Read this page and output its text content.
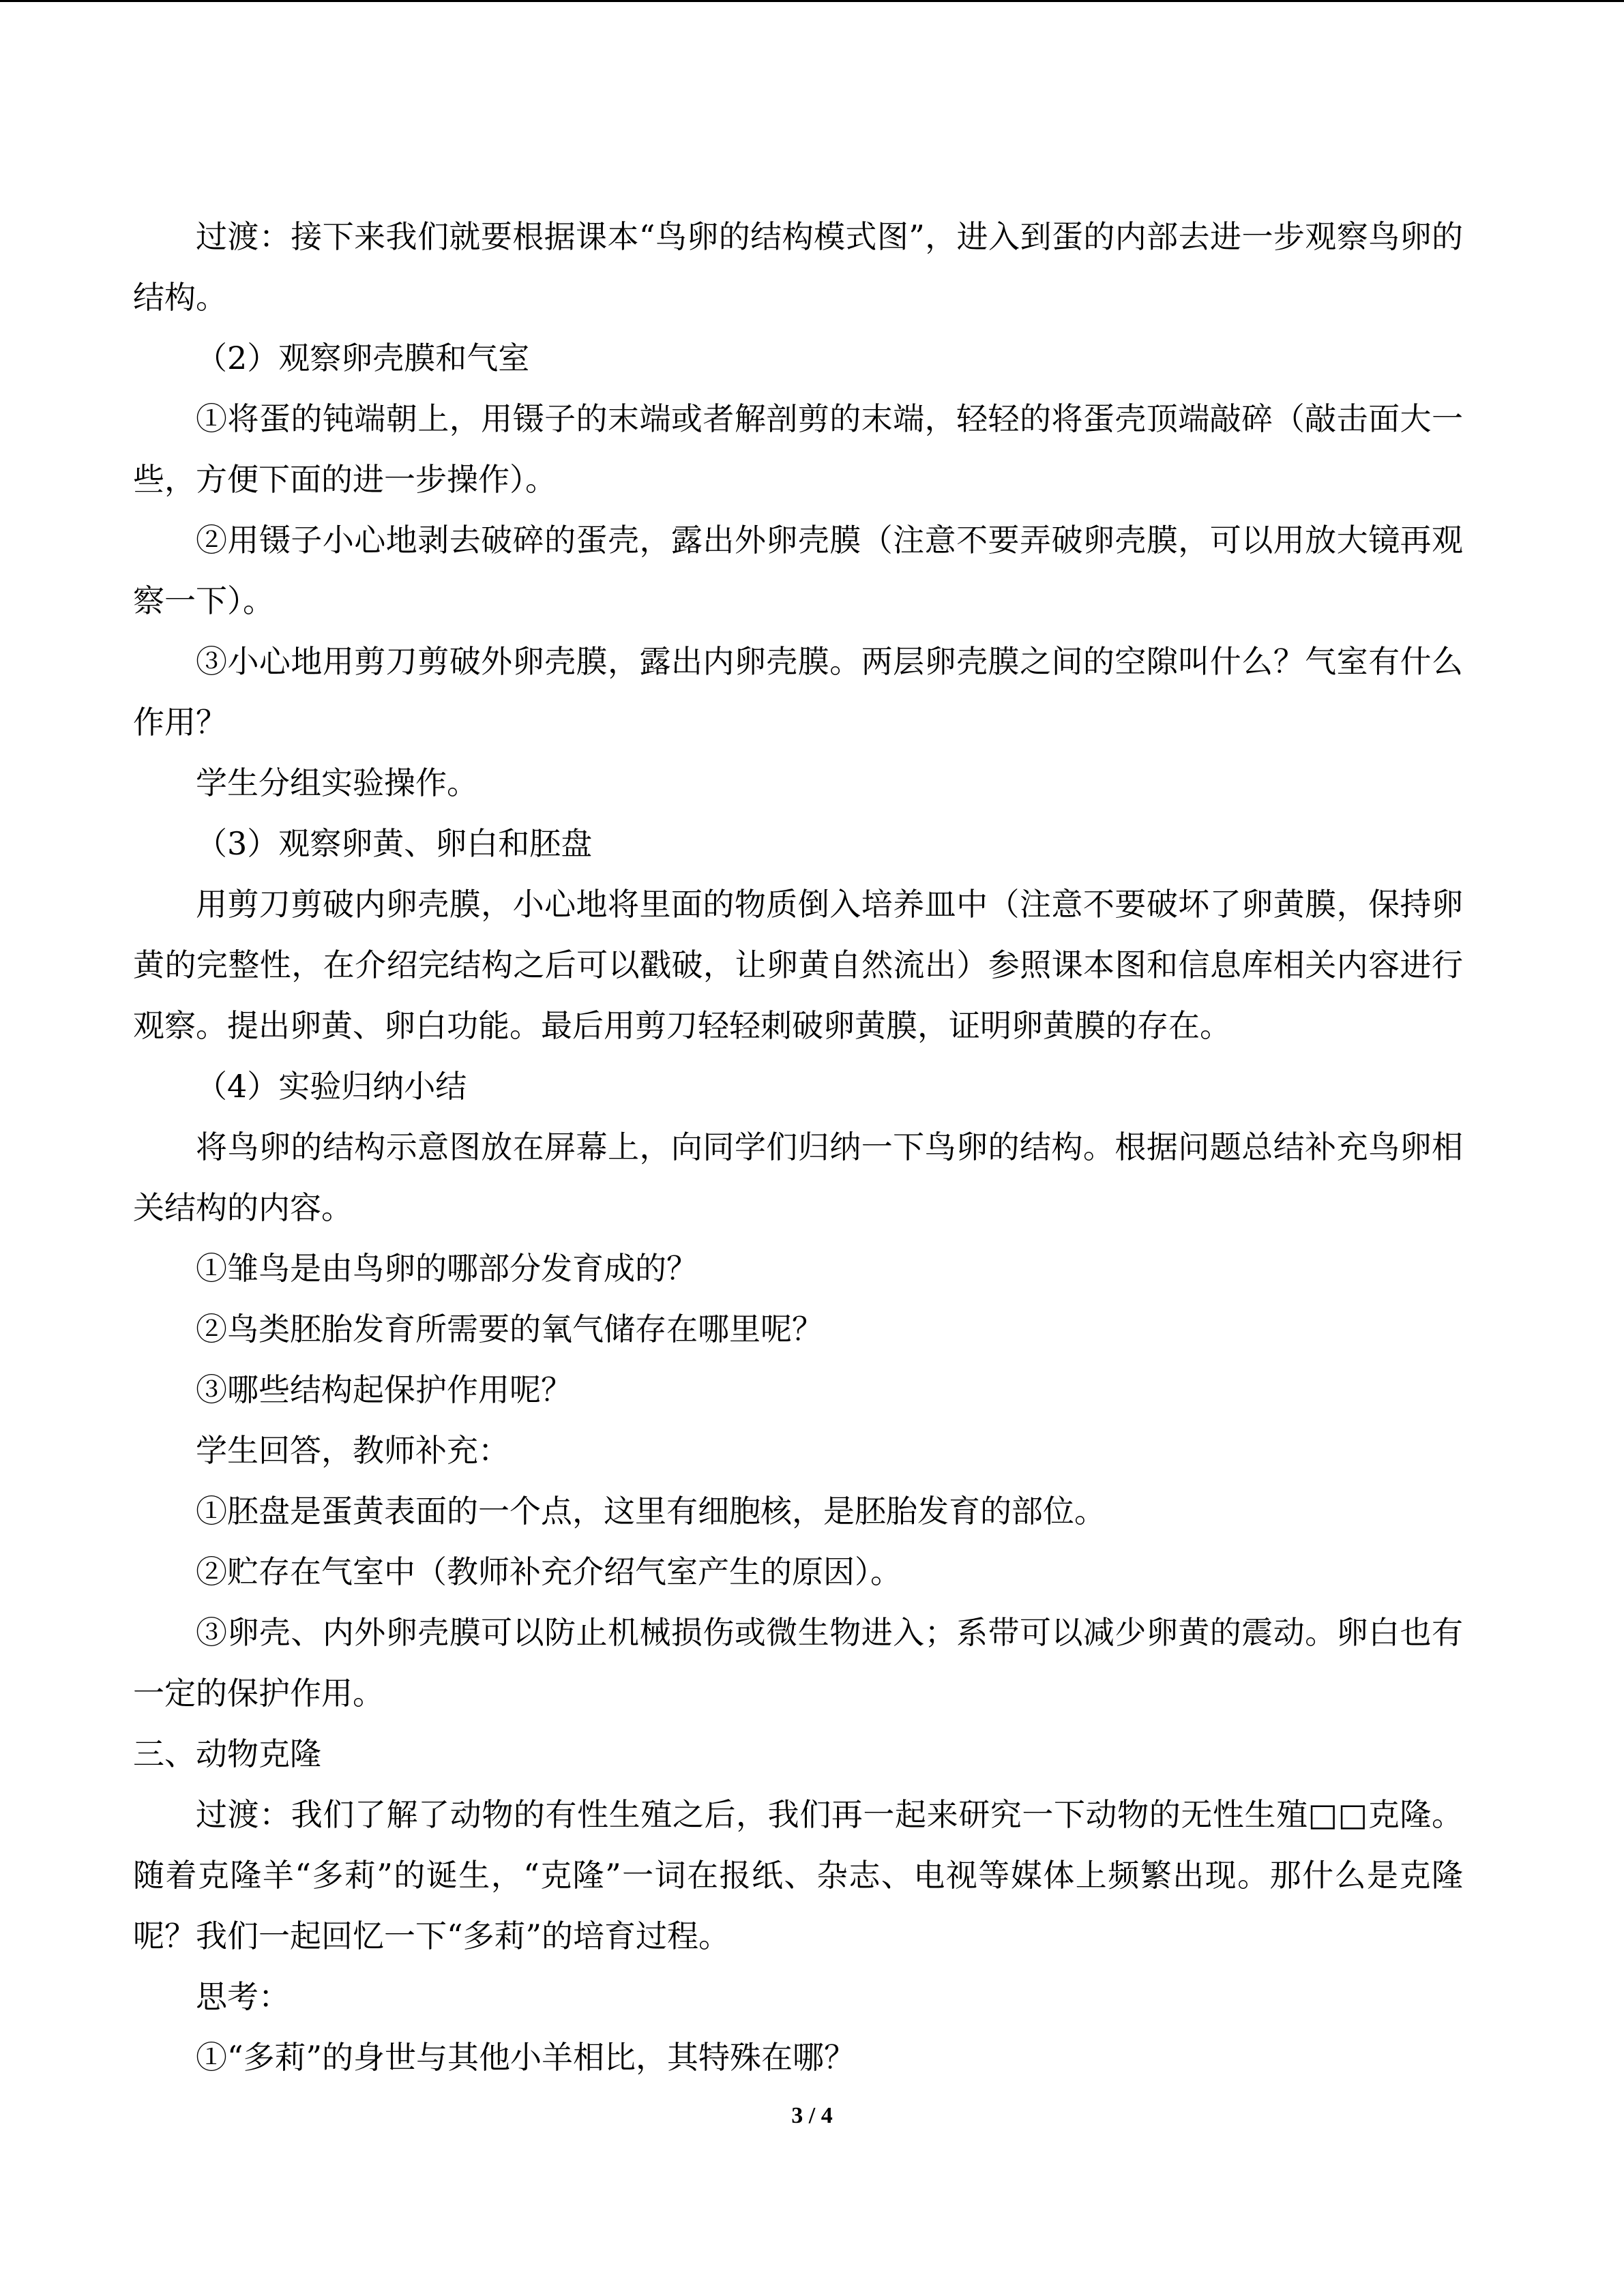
过渡：接下来我们就要根据课本“鸟卵的结构模式图”，进入到蛋的内部去进一步观察鸟卵的结构。

（2）观察卵壳膜和气室

①将蛋的钝端朝上，用镊子的末端或者解剖剪的末端，轻轻的将蛋壳顶端敲碎（敲击面大一些，方便下面的进一步操作）。

②用镊子小心地剥去破碎的蛋壳，露出外卵壳膜（注意不要弄破卵壳膜，可以用放大镜再观察一下）。

③小心地用剪刀剪破外卵壳膜，露出内卵壳膜。两层卵壳膜之间的空隙叫什么？气室有什么作用？

学生分组实验操作。

（3）观察卵黄、卵白和胚盘

用剪刀剪破内卵壳膜，小心地将里面的物质倒入培养皿中（注意不要破坏了卵黄膜，保持卵黄的完整性，在介绍完结构之后可以戳破，让卵黄自然流出）参照课本图和信息库相关内容进行观察。提出卵黄、卵白功能。最后用剪刀轻轻刺破卵黄膜，证明卵黄膜的存在。

（4）实验归纳小结

将鸟卵的结构示意图放在屏幕上，向同学们归纳一下鸟卵的结构。根据问题总结补充鸟卵相关结构的内容。

①雏鸟是由鸟卵的哪部分发育成的？

②鸟类胚胎发育所需要的氧气储存在哪里呢？

③哪些结构起保护作用呢？

学生回答，教师补充：

①胚盘是蛋黄表面的一个点，这里有细胞核，是胚胎发育的部位。

②贮存在气室中（教师补充介绍气室产生的原因）。

③卵壳、内外卵壳膜可以防止机械损伤或微生物进入；系带可以减少卵黄的震动。卵白也有一定的保护作用。

三、动物克隆

过渡：我们了解了动物的有性生殖之后，我们再一起来研究一下动物的无性生殖□□克隆。随着克隆羊“多莉”的诞生，“克隆”一词在报纸、杂志、电视等媒体上频繁出现。那什么是克隆呢？我们一起回忆一下“多莉”的培育过程。

思考：

①“多莉”的身世与其他小羊相比，其特殊在哪？

3 / 4
